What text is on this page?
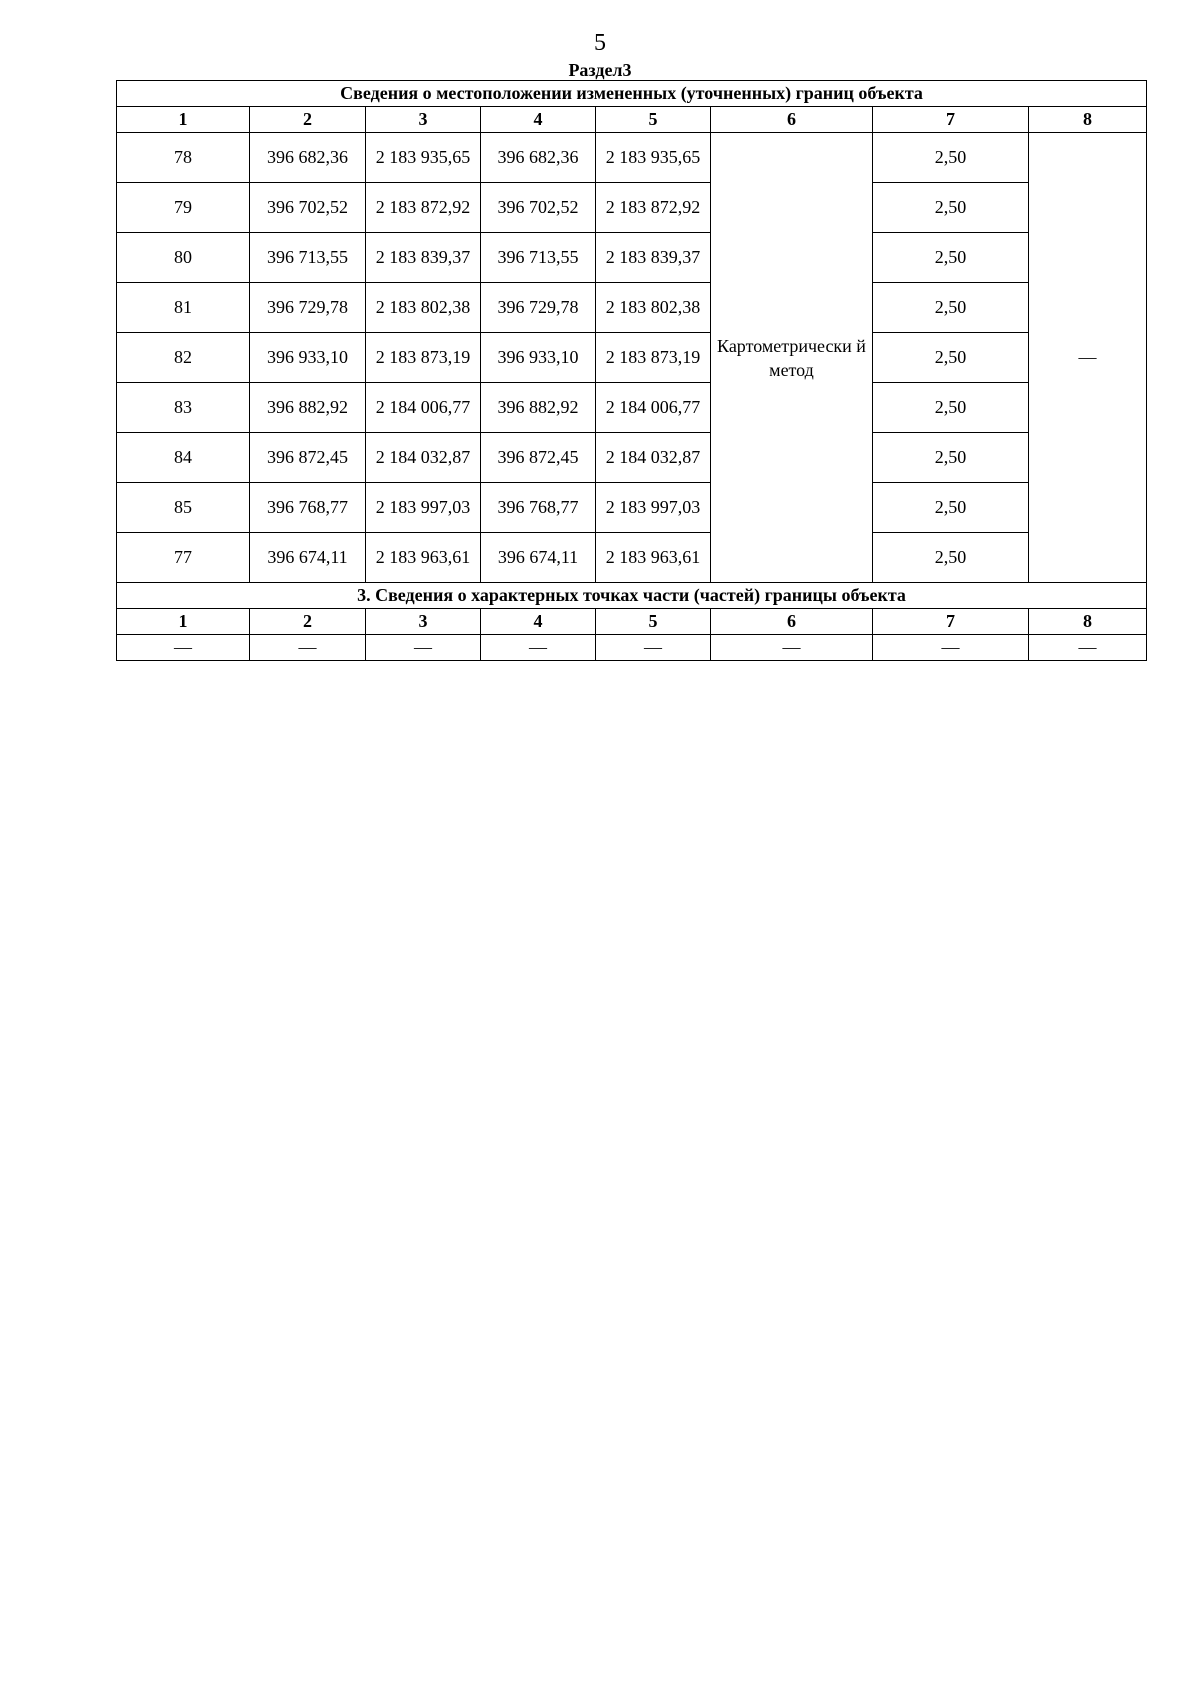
5
Раздел3
Сведения о местоположении измененных (уточненных) границ объекта							
1	2	3	4	5	6	7	8
78	396 682,36	2 183 935,65	396 682,36	2 183 935,65	Картометрически й метод	2,50	—
79	396 702,52	2 183 872,92	396 702,52	2 183 872,92		2,50	
80	396 713,55	2 183 839,37	396 713,55	2 183 839,37		2,50	
81	396 729,78	2 183 802,38	396 729,78	2 183 802,38		2,50	
82	396 933,10	2 183 873,19	396 933,10	2 183 873,19		2,50	
83	396 882,92	2 184 006,77	396 882,92	2 184 006,77		2,50	
84	396 872,45	2 184 032,87	396 872,45	2 184 032,87		2,50	
85	396 768,77	2 183 997,03	396 768,77	2 183 997,03		2,50	
77	396 674,11	2 183 963,61	396 674,11	2 183 963,61		2,50	
3. Сведения о характерных точках части (частей) границы объекта							
1	2	3	4	5	6	7	8
—	—	—	—	—	—	—	—
